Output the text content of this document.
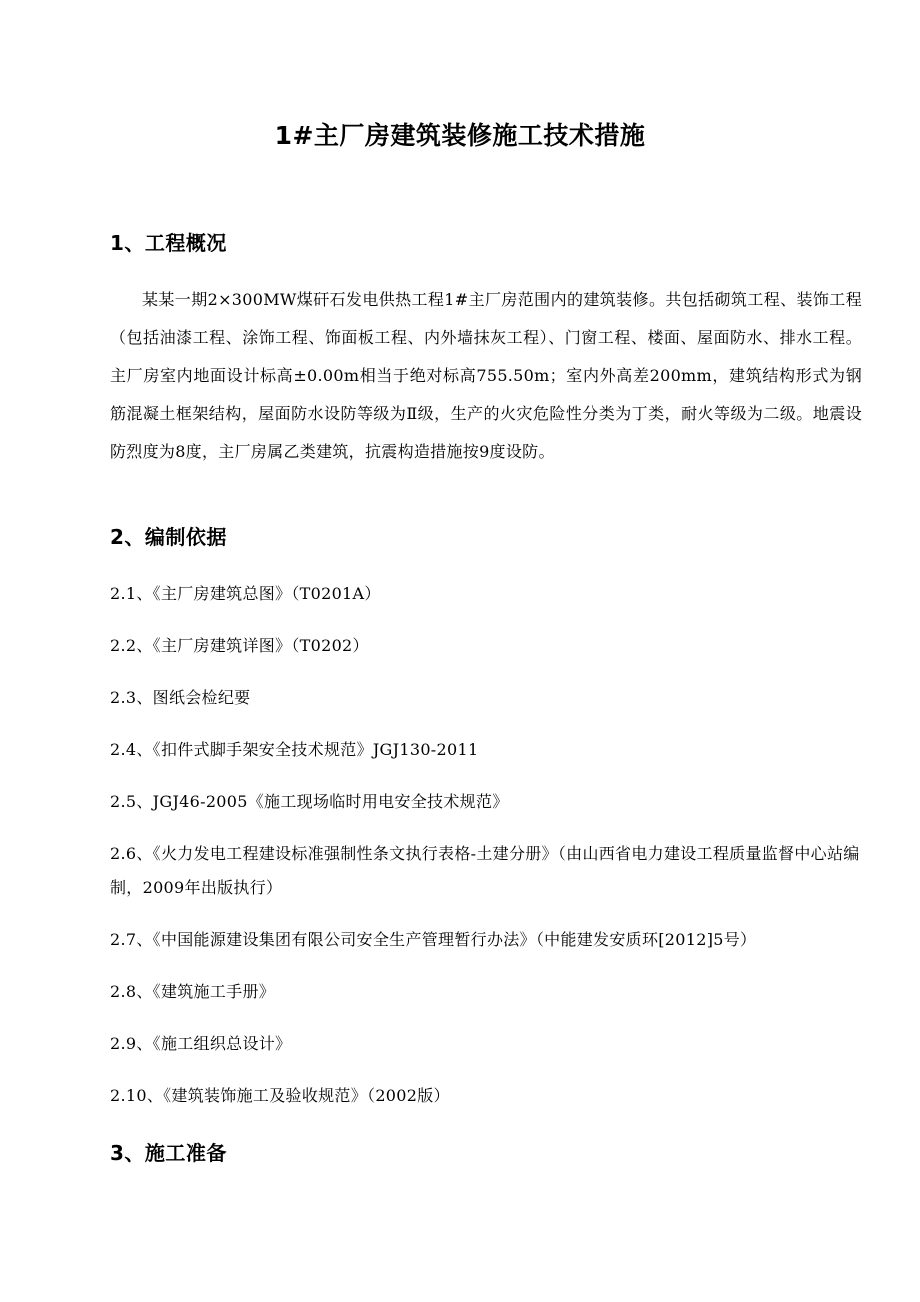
1#主厂房建筑装修施工技术措施
1、工程概况

某某一期2×300MW煤矸石发电供热工程1#主厂房范围内的建筑装修。共包括砌筑工程、装饰工程（包括油漆工程、涂饰工程、饰面板工程、内外墙抹灰工程）、门窗工程、楼面、屋面防水、排水工程。主厂房室内地面设计标高±0.00m相当于绝对标高755.50m；室内外高差200mm，建筑结构形式为钢筋混凝土框架结构，屋面防水设防等级为Ⅱ级，生产的火灾危险性分类为丁类，耐火等级为二级。地震设防烈度为8度，主厂房属乙类建筑，抗震构造措施按9度设防。

2、编制依据

2.1、《主厂房建筑总图》（T0201A）

2.2、《主厂房建筑详图》（T0202）

2.3、图纸会检纪要

2.4、《扣件式脚手架安全技术规范》JGJ130-2011

2.5、JGJ46-2005《施工现场临时用电安全技术规范》

2.6、《火力发电工程建设标准强制性条文执行表格-土建分册》（由山西省电力建设工程质量监督中心站编制，2009年出版执行）

2.7、《中国能源建设集团有限公司安全生产管理暂行办法》（中能建发安质环[2012]5号）

2.8、《建筑施工手册》

2.9、《施工组织总设计》

2.10、《建筑装饰施工及验收规范》（2002版）

3、施工准备
